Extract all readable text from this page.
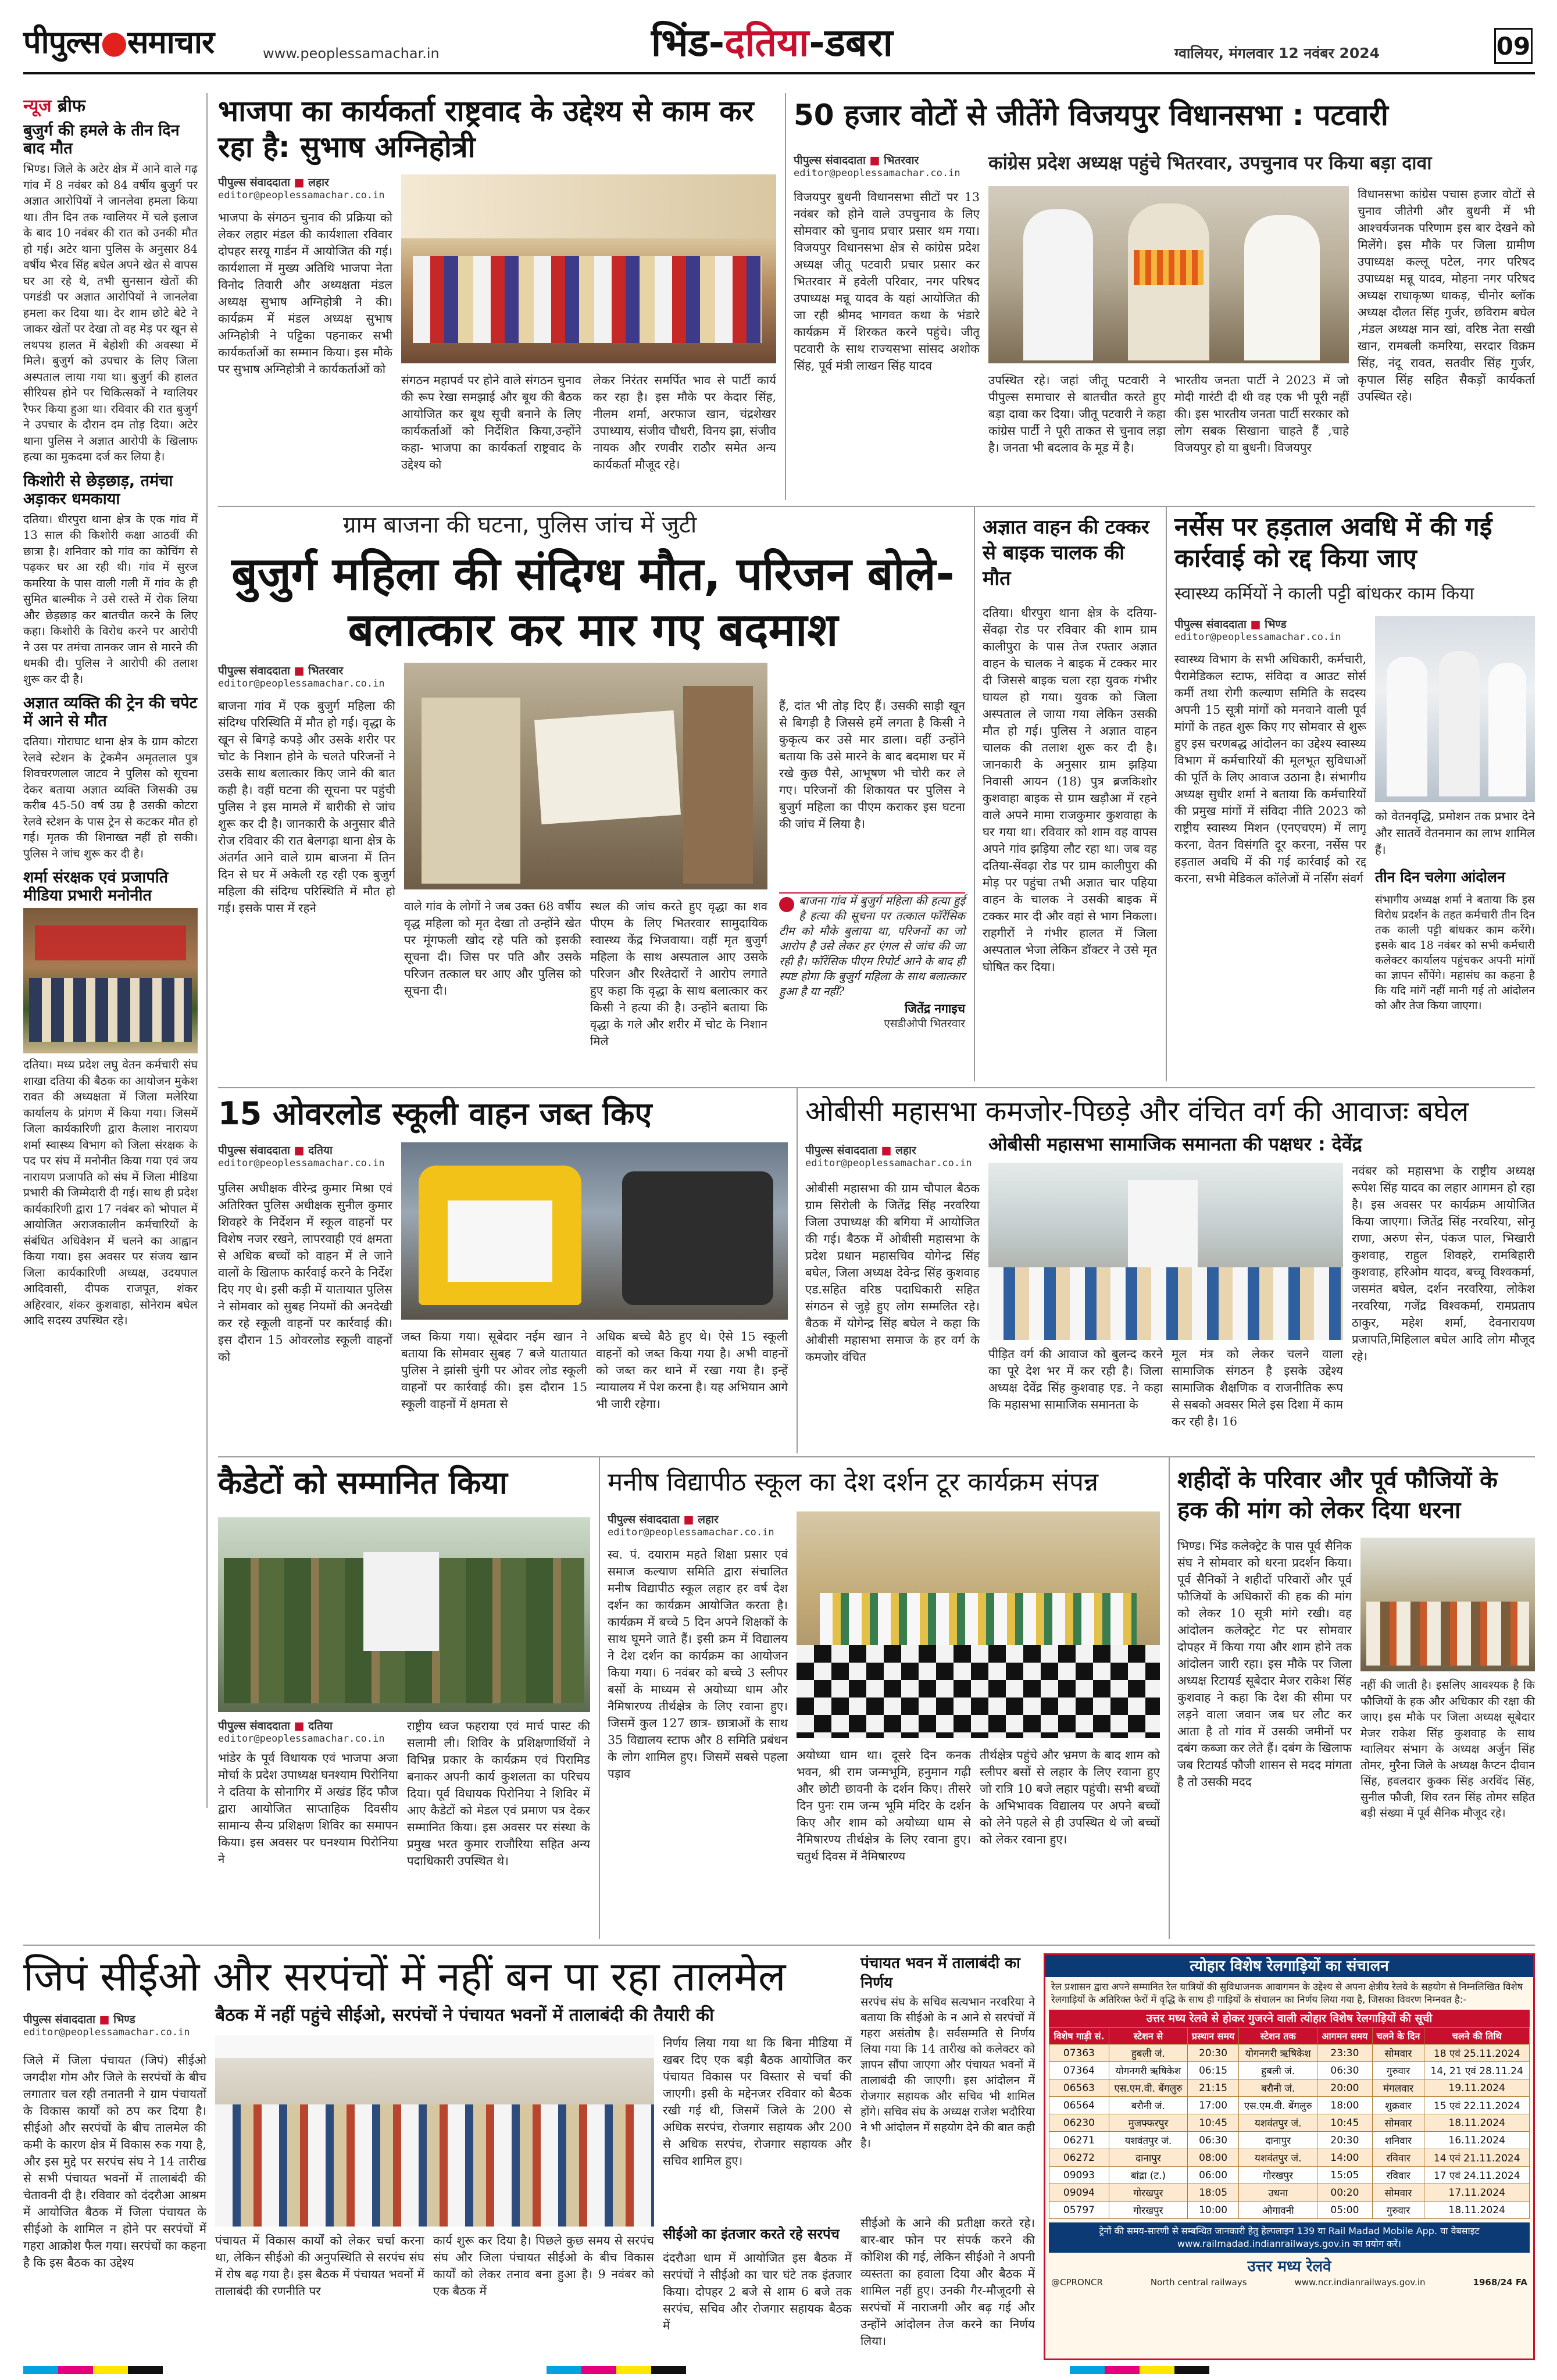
पीपुल्स●समाचार	www.peoplessamachar.in	भिंड-दतिया-डबरा	ग्वालियर, मंगलवार 12 नवंबर 2024	09
न्यूज ब्रीफ
बुजुर्ग की हमले के तीन दिन बाद मौत
भिण्ड। जिले के अटेर क्षेत्र में आने वाले गढ़ गांव में 8 नवंबर को 84 वर्षीय बुजुर्ग पर अज्ञात आरोपियों ने जानलेवा हमला किया था। तीन दिन तक ग्वालियर में चले इलाज के बाद 10 नवंबर की रात को उनकी मौत हो गई। अटेर थाना पुलिस के अनुसार 84 वर्षीय भैरव सिंह बघेल अपने खेत से वापस घर आ रहे थे, तभी सुनसान खेतों की पगडंडी पर अज्ञात आरोपियों ने जानलेवा हमला कर दिया था। देर शाम छोटे बेटे ने जाकर खेतों पर देखा तो वह मेड़ पर खून से लथपथ हालत में बेहोशी की अवस्था में मिले। बुजुर्ग को उपचार के लिए जिला अस्पताल लाया गया था। बुजुर्ग की हालत सीरियस होने पर चिकित्सकों ने ग्वालियर रैफर किया हुआ था। रविवार की रात बुजुर्ग ने उपचार के दौरान दम तोड़ दिया। अटेर थाना पुलिस ने अज्ञात आरोपी के खिलाफ हत्या का मुकदमा दर्ज कर लिया है।
किशोरी से छेड़छाड़, तमंचा अड़ाकर धमकाया
दतिया। धीरपुरा थाना क्षेत्र के एक गांव में 13 साल की किशोरी कक्षा आठवीं की छात्रा है। शनिवार को गांव का कोचिंग से पढ़कर घर आ रही थी। गांव में सुरज कमरिया के पास वाली गली में गांव के ही सुमित बाल्मीक ने उसे रास्ते में रोक लिया और छेड़छाड़ कर बातचीत करने के लिए कहा। किशोरी के विरोध करने पर आरोपी ने उस पर तमंचा तानकर जान से मारने की धमकी दी। पुलिस ने आरोपी की तलाश शुरू कर दी है।
अज्ञात व्यक्ति की ट्रेन की चपेट में आने से मौत
दतिया। गोराघाट थाना क्षेत्र के ग्राम कोटरा रेलवे स्टेशन के ट्रेकमैन अमृतलाल पुत्र शिवचरणलाल जाटव ने पुलिस को सूचना देकर बताया अज्ञात व्यक्ति जिसकी उम्र करीब 45-50 वर्ष उम्र है उसकी कोटरा रेलवे स्टेशन के पास ट्रेन से कटकर मौत हो गई। मृतक की शिनाख्त नहीं हो सकी। पुलिस ने जांच शुरू कर दी है।
शर्मा संरक्षक एवं प्रजापति मीडिया प्रभारी मनोनीत
दतिया। मध्य प्रदेश लघु वेतन कर्मचारी संघ शाखा दतिया की बैठक का आयोजन मुकेश रावत की अध्यक्षता में जिला मलेरिया कार्यालय के प्रांगण में किया गया। जिसमें जिला कार्यकारिणी द्वारा कैलाश नारायण शर्मा स्वास्थ्य विभाग को जिला संरक्षक के पद पर संघ में मनोनीत किया गया एवं जय नारायण प्रजापति को संघ में जिला मीडिया प्रभारी की जिम्मेदारी दी गई। साथ ही प्रदेश कार्यकारिणी द्वारा 17 नवंबर को भोपाल में आयोजित अराजकालीन कर्मचारियों के संबंधित अधिवेशन में चलने का आह्वान किया गया। इस अवसर पर संजय खान जिला कार्यकारिणी अध्यक्ष, उदयपाल आदिवासी, दीपक राजपूत, शंकर अहिरवार, शंकर कुशवाहा, सोनेराम बघेल आदि सदस्य उपस्थित रहे।
भाजपा का कार्यकर्ता राष्ट्रवाद के उद्देश्य से काम कर रहा है: सुभाष अग्निहोत्री
पीपुल्स संवाददाता ■ लहार
editor@peoplessamachar.co.in
भाजपा के संगठन चुनाव की प्रक्रिया को लेकर लहार मंडल की कार्यशाला रविवार दोपहर सरयू गार्डन में आयोजित की गई। कार्यशाला में मुख्य अतिथि भाजपा नेता विनोद तिवारी और अध्यक्षता मंडल अध्यक्ष सुभाष अग्निहोत्री ने की। कार्यक्रम में मंडल अध्यक्ष सुभाष अग्निहोत्री ने पट्टिका पहनाकर सभी कार्यकर्ताओं का सम्मान किया। इस मौके पर सुभाष अग्निहोत्री ने कार्यकर्ताओं को
संगठन महापर्व पर होने वाले संगठन चुनाव की रूप रेखा समझाई और बूथ की बैठक आयोजित कर बूथ सूची बनाने के लिए कार्यकर्ताओं को निर्देशित किया,उन्होंने कहा- भाजपा का कार्यकर्ता राष्ट्रवाद के उद्देश्य को
लेकर निरंतर समर्पित भाव से पार्टी कार्य कर रहा है। इस मौके पर केदार सिंह, नीलम शर्मा, अरफाज खान, चंद्रशेखर उपाध्याय, संजीव चौधरी, विनय झा, संजीव नायक और रणवीर राठौर समेत अन्य कार्यकर्ता मौजूद रहे।
50 हजार वोटों से जीतेंगे विजयपुर विधानसभा : पटवारी
पीपुल्स संवाददाता ■ भितरवार
editor@peoplessamachar.co.in	कांग्रेस प्रदेश अध्यक्ष पहुंचे भितरवार, उपचुनाव पर किया बड़ा दावा
विजयपुर बुधनी विधानसभा सीटों पर 13 नवंबर को होने वाले उपचुनाव के लिए सोमवार को चुनाव प्रचार प्रसार थम गया। विजयपुर विधानसभा क्षेत्र से कांग्रेस प्रदेश अध्यक्ष जीतू पटवारी प्रचार प्रसार कर भितरवार में हवेली परिवार, नगर परिषद उपाध्यक्ष मन्नू यादव के यहां आयोजित की जा रही श्रीमद भागवत कथा के भंडारे कार्यक्रम में शिरकत करने पहुंचे। जीतू पटवारी के साथ राज्यसभा सांसद अशोक सिंह, पूर्व मंत्री लाखन सिंह यादव
उपस्थित रहे। जहां जीतू पटवारी ने पीपुल्स समाचार से बातचीत करते हुए बड़ा दावा कर दिया। जीतू पटवारी ने कहा कांग्रेस पार्टी ने पूरी ताकत से चुनाव लड़ा है। जनता भी बदलाव के मूड में है।
भारतीय जनता पार्टी ने 2023 में जो मोदी गारंटी दी थी वह एक भी पूरी नहीं की। इस भारतीय जनता पार्टी सरकार को लोग सबक सिखाना चाहते हैं ,चाहे विजयपुर हो या बुधनी। विजयपुर
विधानसभा कांग्रेस पचास हजार वोटों से चुनाव जीतेगी और बुधनी में भी आश्चर्यजनक परिणाम इस बार देखने को मिलेंगे। इस मौके पर जिला ग्रामीण उपाध्यक्ष कल्लू पटेल, नगर परिषद उपाध्यक्ष मन्नू यादव, मोहना नगर परिषद अध्यक्ष राधाकृष्ण धाकड़, चीनोर ब्लॉक अध्यक्ष दौलत सिंह गुर्जर, छविराम बघेल ,मंडल अध्यक्ष मान खां, वरिष्ठ नेता सखी खान, रामबली कमरिया, सरदार विक्रम सिंह, नंदू रावत, सतवीर सिंह गुर्जर, कृपाल सिंह सहित सैकड़ों कार्यकर्ता उपस्थित रहे।
ग्राम बाजना की घटना, पुलिस जांच में जुटी
बुजुर्ग महिला की संदिग्ध मौत, परिजन बोले-बलात्कार कर मार गए बदमाश
पीपुल्स संवाददाता ■ भितरवार
editor@peoplessamachar.co.in
बाजना गांव में एक बुजुर्ग महिला की संदिग्ध परिस्थिति में मौत हो गई। वृद्धा के खून से बिगड़े कपड़े और उसके शरीर पर चोट के निशान होने के चलते परिजनों ने उसके साथ बलात्कार किए जाने की बात कही है। वहीं घटना की सूचना पर पहुंची पुलिस ने इस मामले में बारीकी से जांच शुरू कर दी है। जानकारी के अनुसार बीते रोज रविवार की रात बेलगढ़ा थाना क्षेत्र के अंतर्गत आने वाले ग्राम बाजना में तिन दिन से घर में अकेली रह रही एक बुजुर्ग महिला की संदिग्ध परिस्थिति में मौत हो गई। इसके पास में रहने	वाले गांव के लोगों ने जब उक्त 68 वर्षीय वृद्ध महिला को मृत देखा तो उन्होंने खेत पर मूंगफली खोद रहे पति को इसकी सूचना दी। जिस पर पति और उसके परिजन तत्काल घर आए और पुलिस को सूचना दी।
स्थल की जांच करते हुए वृद्धा का शव पीएम के लिए भितरवार सामुदायिक स्वास्थ्य केंद्र भिजवाया। वहीं मृत बुजुर्ग महिला के साथ अस्पताल आए उसके परिजन और रिश्तेदारों ने आरोप लगाते हुए कहा कि वृद्धा के साथ बलात्कार कर किसी ने हत्या की है। उन्होंने बताया कि वृद्धा के गले और शरीर में चोट के निशान मिले
हैं, दांत भी तोड़ दिए हैं। उसकी साड़ी खून से बिगड़ी है जिससे हमें लगता है किसी ने कुकृत्य कर उसे मार डाला। वहीं उन्होंने बताया कि उसे मारने के बाद बदमाश घर में रखे कुछ पैसे, आभूषण भी चोरी कर ले गए। परिजनों की शिकायत पर पुलिस ने बुजुर्ग महिला का पीएम कराकर इस घटना की जांच में लिया है।
बाजना गांव में बुजुर्ग महिला की हत्या हुई है हत्या की सूचना पर तत्काल फॉरेंसिक टीम को मौके बुलाया था, परिजनों का जो आरोप है उसे लेकर हर एंगल से जांच की जा रही है। फॉरेंसिक पीएम रिपोर्ट आने के बाद ही स्पष्ट होगा कि बुजुर्ग महिला के साथ बलात्कार हुआ है या नहीं?
जितेंद्र नगाइच
एसडीओपी भितरवार
अज्ञात वाहन की टक्कर से बाइक चालक की मौत
दतिया। धीरपुरा थाना क्षेत्र के दतिया-सेंवढ़ा रोड पर रविवार की शाम ग्राम कालीपुरा के पास तेज रफ्तार अज्ञात वाहन के चालक ने बाइक में टक्कर मार दी जिससे बाइक चला रहा युवक गंभीर घायल हो गया। युवक को जिला अस्पताल ले जाया गया लेकिन उसकी मौत हो गई। पुलिस ने अज्ञात वाहन चालक की तलाश शुरू कर दी है। जानकारी के अनुसार ग्राम झड़िया निवासी आयन (18) पुत्र ब्रजकिशोर कुशवाहा बाइक से ग्राम खड़ौआ में रहने वाले अपने मामा राजकुमार कुशवाहा के घर गया था। रविवार को शाम वह वापस अपने गांव झड़िया लौट रहा था। जब वह दतिया-सेंवढ़ा रोड पर ग्राम कालीपुरा की मोड़ पर पहुंचा तभी अज्ञात चार पहिया वाहन के चालक ने उसकी बाइक में टक्कर मार दी और वहां से भाग निकला। राहगीरों ने गंभीर हालत में जिला अस्पताल भेजा लेकिन डॉक्टर ने उसे मृत घोषित कर दिया।
नर्सेस पर हड़ताल अवधि में की गई कार्रवाई को रद्द किया जाए
स्वास्थ्य कर्मियों ने काली पट्टी बांधकर काम किया
पीपुल्स संवाददाता ■ भिण्ड
editor@peoplessamachar.co.in
स्वास्थ्य विभाग के सभी अधिकारी, कर्मचारी, पैरामेडिकल स्टाफ, संविदा व आउट सोर्स कर्मी तथा रोगी कल्याण समिति के सदस्य अपनी 15 सूत्री मांगों को मनवाने वाली पूर्व मांगों के तहत शुरू किए गए सोमवार से शुरू हुए इस चरणबद्ध आंदोलन का उद्देश्य स्वास्थ्य विभाग में कर्मचारियों की मूलभूत सुविधाओं की पूर्ति के लिए आवाज उठाना है। संभागीय अध्यक्ष सुधीर शर्मा ने बताया कि कर्मचारियों की प्रमुख मांगों में संविदा नीति 2023 को राष्ट्रीय स्वास्थ्य मिशन (एनएचएम) में लागू करना, वेतन विसंगति दूर करना, नर्सेस पर हड़ताल अवधि में की गई कार्रवाई को रद्द करना, सभी मेडिकल कॉलेजों में नर्सिंग संवर्ग
को वेतनवृद्धि, प्रमोशन तक प्रभार देने और सातवें वेतनमान का लाभ शामिल हैं।
तीन दिन चलेगा आंदोलन
संभागीय अध्यक्ष शर्मा ने बताया कि इस विरोध प्रदर्शन के तहत कर्मचारी तीन दिन तक काली पट्टी बांधकर काम करेंगे। इसके बाद 18 नवंबर को सभी कर्मचारी कलेक्टर कार्यालय पहुंचकर अपनी मांगों का ज्ञापन सौंपेंगे। महासंघ का कहना है कि यदि मांगें नहीं मानी गई तो आंदोलन को और तेज किया जाएगा।
15 ओवरलोड स्कूली वाहन जब्त किए
पीपुल्स संवाददाता ■ दतिया
editor@peoplessamachar.co.in
पुलिस अधीक्षक वीरेन्द्र कुमार मिश्रा एवं अतिरिक्त पुलिस अधीक्षक सुनील कुमार शिवहरे के निर्देशन में स्कूल वाहनों पर विशेष नजर रखने, लापरवाही एवं क्षमता से अधिक बच्चों को वाहन में ले जाने वालों के खिलाफ कार्रवाई करने के निर्देश दिए गए थे। इसी कड़ी में यातायात पुलिस ने सोमवार को सुबह नियमों की अनदेखी कर रहे स्कूली वाहनों पर कार्रवाई की। इस दौरान 15 ओवरलोड स्कूली वाहनों को
जब्त किया गया। सूबेदार नईम खान ने बताया कि सोमवार सुबह 7 बजे यातायात पुलिस ने झांसी चुंगी पर ओवर लोड स्कूली वाहनों पर कार्रवाई की। इस दौरान 15 स्कूली वाहनों में क्षमता से
अधिक बच्चे बैठे हुए थे। ऐसे 15 स्कूली वाहनों को जब्त किया गया है। अभी वाहनों को जब्त कर थाने में रखा गया है। इन्हें न्यायालय में पेश करना है। यह अभियान आगे भी जारी रहेगा।
ओबीसी महासभा कमजोर-पिछड़े और वंचित वर्ग की आवाजः बघेल
पीपुल्स संवाददाता ■ लहार
editor@peoplessamachar.co.in
ओबीसी महासभा सामाजिक समानता की पक्षधर : देवेंद्र
ओबीसी महासभा की ग्राम चौपाल बैठक ग्राम सिरोली के जितेंद्र सिंह नरवरिया जिला उपाध्यक्ष की बगिया में आयोजित की गई। बैठक में ओबीसी महासभा के प्रदेश प्रधान महासचिव योगेन्द्र सिंह बघेल, जिला अध्यक्ष देवेन्द्र सिंह कुशवाह एड.सहित वरिष्ठ पदाधिकारी सहित संगठन से जुड़े हुए लोग सम्मलित रहे। बैठक में योगेन्द्र सिंह बघेल ने कहा कि ओबीसी महासभा समाज के हर वर्ग के कमजोर वंचित	पीड़ित वर्ग की आवाज को बुलन्द करने का पूरे देश भर में कर रही है। जिला अध्यक्ष देवेंद्र सिंह कुशवाह एड. ने कहा कि महासभा सामाजिक समानता के
मूल मंत्र को लेकर चलने वाला सामाजिक संगठन है इसके उद्देश्य सामाजिक शैक्षणिक व राजनीतिक रूप से सबको अवसर मिले इस दिशा में काम कर रही है। 16
नवंबर को महासभा के राष्ट्रीय अध्यक्ष रूपेश सिंह यादव का लहार आगमन हो रहा है। इस अवसर पर कार्यक्रम आयोजित किया जाएगा। जितेंद्र सिंह नरवरिया, सोनू राणा, अरुण सेन, पंकज पाल, भिखारी कुशवाह, राहुल शिवहरे, रामबिहारी कुशवाह, हरिओम यादव, बच्चू विश्वकर्मा, जसमंत बघेल, दर्शन नरवरिया, लोकेश नरवरिया, गजेंद्र विश्वकर्मा, रामप्रताप ठाकुर, महेश शर्मा, देवनारायण प्रजापति,मिहिलाल बघेल आदि लोग मौजूद रहे।
कैडेटों को सम्मानित किया
पीपुल्स संवाददाता ■ दतिया
editor@peoplessamachar.co.in
भांडेर के पूर्व विधायक एवं भाजपा अजा मोर्चा के प्रदेश उपाध्यक्ष घनश्याम पिरोनिया ने दतिया के सोनागिर में अखंड हिंद फौज द्वारा आयोजित साप्ताहिक दिवसीय सामान्य सैन्य प्रशिक्षण शिविर का समापन किया। इस अवसर पर घनश्याम पिरोनिया ने
राष्ट्रीय ध्वज फहराया एवं मार्च पास्ट की सलामी ली। शिविर के प्रशिक्षणार्थियों ने विभिन्न प्रकार के कार्यक्रम एवं पिरामिड बनाकर अपनी कार्य कुशलता का परिचय दिया। पूर्व विधायक पिरोनिया ने शिविर में आए कैडेटों को मेडल एवं प्रमाण पत्र देकर सम्मानित किया। इस अवसर पर संस्था के प्रमुख भरत कुमार राजौरिया सहित अन्य पदाधिकारी उपस्थित थे।
मनीष विद्यापीठ स्कूल का देश दर्शन टूर कार्यक्रम संपन्न
पीपुल्स संवाददाता ■ लहार
editor@peoplessamachar.co.in
स्व. पं. दयाराम महते शिक्षा प्रसार एवं समाज कल्याण समिति द्वारा संचालित मनीष विद्यापीठ स्कूल लहार हर वर्ष देश दर्शन का कार्यक्रम आयोजित करता है। कार्यक्रम में बच्चे 5 दिन अपने शिक्षकों के साथ घूमने जाते हैं। इसी क्रम में विद्यालय ने देश दर्शन का कार्यक्रम का आयोजन किया गया। 6 नवंबर को बच्चे 3 स्लीपर बसों के माध्यम से अयोध्या धाम और नैमिषारण्य तीर्थक्षेत्र के लिए रवाना हुए। जिसमें कुल 127 छात्र- छात्राओं के साथ 35 विद्यालय स्टाफ और 8 समिति प्रबंधन के लोग शामिल हुए। जिसमें सबसे पहला पड़ाव
अयोध्या धाम था। दूसरे दिन कनक भवन, श्री राम जन्मभूमि, हनुमान गढ़ी और छोटी छावनी के दर्शन किए। तीसरे दिन पुनः राम जन्म भूमि मंदिर के दर्शन किए और शाम को अयोध्या धाम से नैमिषारण्य तीर्थक्षेत्र के लिए रवाना हुए। चतुर्थ दिवस में नैमिषारण्य
तीर्थक्षेत्र पहुंचे और भ्रमण के बाद शाम को स्लीपर बसों से लहार के लिए रवाना हुए जो रात्रि 10 बजे लहार पहुंची। सभी बच्चों के अभिभावक विद्यालय पर अपने बच्चों को लेने पहले से ही उपस्थित थे जो बच्चों को लेकर रवाना हुए।
शहीदों के परिवार और पूर्व फौजियों के हक की मांग को लेकर दिया धरना
भिण्ड। भिंड कलेक्ट्रेट के पास पूर्व सैनिक संघ ने सोमवार को धरना प्रदर्शन किया। पूर्व सैनिकों ने शहीदों परिवारों और पूर्व फौजियों के अधिकारों की हक की मांग को लेकर 10 सूत्री मांगे रखी। वह आंदोलन कलेक्ट्रेट गेट पर सोमवार दोपहर में किया गया और शाम होने तक आंदोलन जारी रहा। इस मौके पर जिला अध्यक्ष रिटायर्ड सूबेदार मेजर राकेश सिंह कुशवाह ने कहा कि देश की सीमा पर लड़ने वाला जवान जब घर लौट कर आता है तो गांव में उसकी जमीनों पर दबंग कब्जा कर लेते हैं। दबंग के खिलाफ जब रिटायर्ड फौजी शासन से मदद मांगता है तो उसकी मदद
नहीं की जाती है। इसलिए आवश्यक है कि फौजियों के हक और अधिकार की रक्षा की जाए। इस मौके पर जिला अध्यक्ष सूबेदार मेजर राकेश सिंह कुशवाह के साथ ग्वालियर संभाग के अध्यक्ष अर्जुन सिंह तोमर, मुरैना जिले के अध्यक्ष कैप्टन दीवान सिंह, हवलदार कुक्क सिंह अरविंद सिंह, सुनील फौजी, शिव रतन सिंह तोमर सहित बड़ी संख्या में पूर्व सैनिक मौजूद रहे।
जिपं सीईओ और सरपंचों में नहीं बन पा रहा तालमेल
पीपुल्स संवाददाता ■ भिण्ड
editor@peoplessamachar.co.in
बैठक में नहीं पहुंचे सीईओ, सरपंचों ने पंचायत भवनों में तालाबंदी की तैयारी की
जिले में जिला पंचायत (जिपं) सीईओ जगदीश गोम और जिले के सरपंचों के बीच लगातार चल रही तनातनी ने ग्राम पंचायतों के विकास कार्यों को ठप कर दिया है। सीईओ और सरपंचों के बीच तालमेल की कमी के कारण क्षेत्र में विकास रुक गया है, और इस मुद्दे पर सरपंच संघ ने 14 तारीख से सभी पंचायत भवनों में तालाबंदी की चेतावनी दी है। रविवार को दंदरौआ आश्रम में आयोजित बैठक में जिला पंचायत के सीईओ के शामिल न होने पर सरपंचों में गहरा आक्रोश फैल गया। सरपंचों का कहना है कि इस बैठक का उद्देश्य
पंचायत में विकास कार्यों को लेकर चर्चा करना था, लेकिन सीईओ की अनुपस्थिति से सरपंच संघ में रोष बढ़ गया है। इस बैठक में पंचायत भवनों में तालाबंदी की रणनीति पर
कार्य शुरू कर दिया है। पिछले कुछ समय से सरपंच संघ और जिला पंचायत सीईओ के बीच विकास कार्यों को लेकर तनाव बना हुआ है। 9 नवंबर को एक बैठक में
निर्णय लिया गया था कि बिना मीडिया में खबर दिए एक बड़ी बैठक आयोजित कर पंचायत विकास पर विस्तार से चर्चा की जाएगी। इसी के मद्देनजर रविवार को बैठक रखी गई थी, जिसमें जिले के 200 से अधिक सरपंच, रोजगार सहायक और 200 से अधिक सरपंच, रोजगार सहायक और सचिव शामिल हुए।
सीईओ का इंतजार करते रहे सरपंच
दंदरौआ धाम में आयोजित इस बैठक में सरपंचों ने सीईओ का चार घंटे तक इंतजार किया। दोपहर 2 बजे से शाम 6 बजे तक सरपंच, सचिव और रोजगार सहायक बैठक में
पंचायत भवन में तालाबंदी का निर्णय
सरपंच संघ के सचिव सत्यभान नरवरिया ने बताया कि सीईओ के न आने से सरपंचों में गहरा असंतोष है। सर्वसम्मति से निर्णय लिया गया कि 14 तारीख को कलेक्टर को ज्ञापन सौंपा जाएगा और पंचायत भवनों में तालाबंदी की जाएगी। इस आंदोलन में रोजगार सहायक और सचिव भी शामिल होंगे। सचिव संघ के अध्यक्ष राजेश भदौरिया ने भी आंदोलन में सहयोग देने की बात कही है।
सीईओ के आने की प्रतीक्षा करते रहे। बार-बार फोन पर संपर्क करने की कोशिश की गई, लेकिन सीईओ ने अपनी व्यस्तता का हवाला दिया और बैठक में शामिल नहीं हुए। उनकी गैर-मौजूदगी से सरपंचों में नाराजगी और बढ़ गई और उन्होंने आंदोलन तेज करने का निर्णय लिया।
त्योहार विशेष रेलगाड़ियों का संचालन
रेल प्रशासन द्वारा अपने सम्मानित रेल यात्रियों की सुविधाजनक आवागमन के उद्देश्य से अपना क्षेत्रीय रेलवे के सहयोग से निम्नलिखित विशेष रेलगाड़ियों के अतिरिक्त फेरों में वृद्धि के साथ ही गाड़ियों के संचालन का निर्णय लिया गया है, जिसका विवरण निम्नवत है:-
उत्तर मध्य रेलवे से होकर गुजरने वाली त्योहार विशेष रेलगाड़ियों की सूची
विशेष गाड़ी सं.	स्टेशन से	प्रस्थान समय	स्टेशन तक	आगमन समय	चलने के दिन	चलने की तिथि
07363	हुबली जं.	20:30	योगनगरी ऋषिकेश	23:30	सोमवार	18 एवं 25.11.2024
07364	योगनगरी ऋषिकेश	06:15	हुबली जं.	06:30	गुरुवार	14, 21 एवं 28.11.24
06563	एस.एम.वी. बेंगलुरु	21:15	बरौनी जं.	20:00	मंगलवार	19.11.2024
06564	बरौनी जं.	17:00	एस.एम.वी. बेंगलुरु	18:00	शुक्रवार	15 एवं 22.11.2024
06230	मुजफ्फरपुर	10:45	यशवंतपुर जं.	10:45	सोमवार	18.11.2024
06271	यशवंतपुर जं.	06:30	दानापुर	20:30	शनिवार	16.11.2024
06272	दानापुर	08:00	यशवंतपुर जं.	14:00	रविवार	14 एवं 21.11.2024
09093	बांद्रा (ट.)	06:00	गोरखपुर	15:05	रविवार	17 एवं 24.11.2024
09094	गोरखपुर	18:05	उधना	00:20	सोमवार	17.11.2024
05797	गोरखपुर	10:00	ओगावनी	05:00	गुरुवार	18.11.2024
ट्रेनों की समय-सारणी से सम्बन्धित जानकारी हेतु हेल्पलाइन 139 या Rail Madad Mobile App. या वेबसाइट www.railmadad.indianrailways.gov.in का प्रयोग करें।
उत्तर मध्य रेलवे
@CPRONCR	North central railways	www.ncr.indianrailways.gov.in	1968/24 FA
